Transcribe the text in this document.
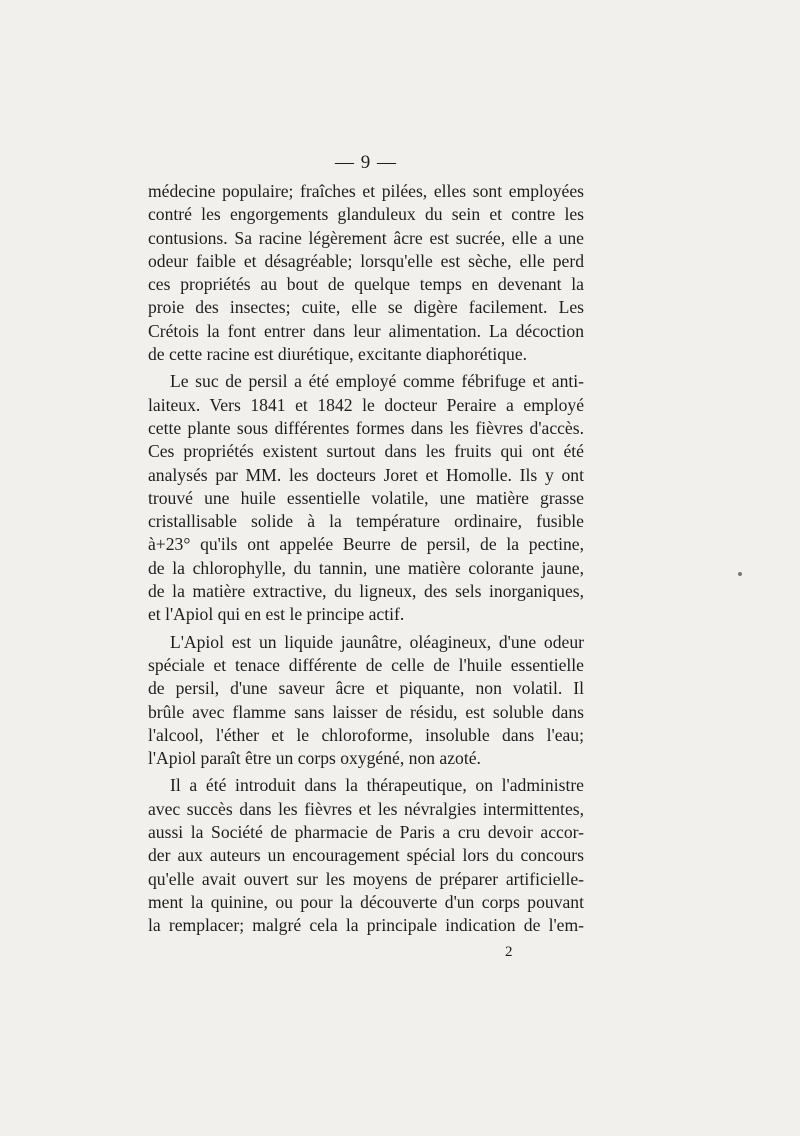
— 9 —
médecine populaire; fraîches et pilées, elles sont employées
contré les engorgements glanduleux du sein et contre les
contusions. Sa racine légèrement âcre est sucrée, elle a une
odeur faible et désagréable; lorsqu'elle est sèche, elle perd
ces propriétés au bout de quelque temps en devenant la
proie des insectes; cuite, elle se digère facilement. Les
Crétois la font entrer dans leur alimentation. La décoction
de cette racine est diurétique, excitante diaphorétique.
Le suc de persil a été employé comme fébrifuge et anti-
laiteux. Vers 1841 et 1842 le docteur Peraire a employé
cette plante sous différentes formes dans les fièvres d'accès.
Ces propriétés existent surtout dans les fruits qui ont été
analysés par MM. les docteurs Joret et Homolle. Ils y ont
trouvé une huile essentielle volatile, une matière grasse
cristallisable solide à la température ordinaire, fusible
à+23° qu'ils ont appelée Beurre de persil, de la pectine,
de la chlorophylle, du tannin, une matière colorante jaune,
de la matière extractive, du ligneux, des sels inorganiques,
et l'Apiol qui en est le principe actif.
L'Apiol est un liquide jaunâtre, oléagineux, d'une odeur
spéciale et tenace différente de celle de l'huile essentielle
de persil, d'une saveur âcre et piquante, non volatil. Il
brûle avec flamme sans laisser de résidu, est soluble dans
l'alcool, l'éther et le chloroforme, insoluble dans l'eau;
l'Apiol paraît être un corps oxygéné, non azoté.
Il a été introduit dans la thérapeutique, on l'administre
avec succès dans les fièvres et les névralgies intermittentes,
aussi la Société de pharmacie de Paris a cru devoir accor-
der aux auteurs un encouragement spécial lors du concours
qu'elle avait ouvert sur les moyens de préparer artificielle-
ment la quinine, ou pour la découverte d'un corps pouvant
la remplacer; malgré cela la principale indication de l'em-
2
